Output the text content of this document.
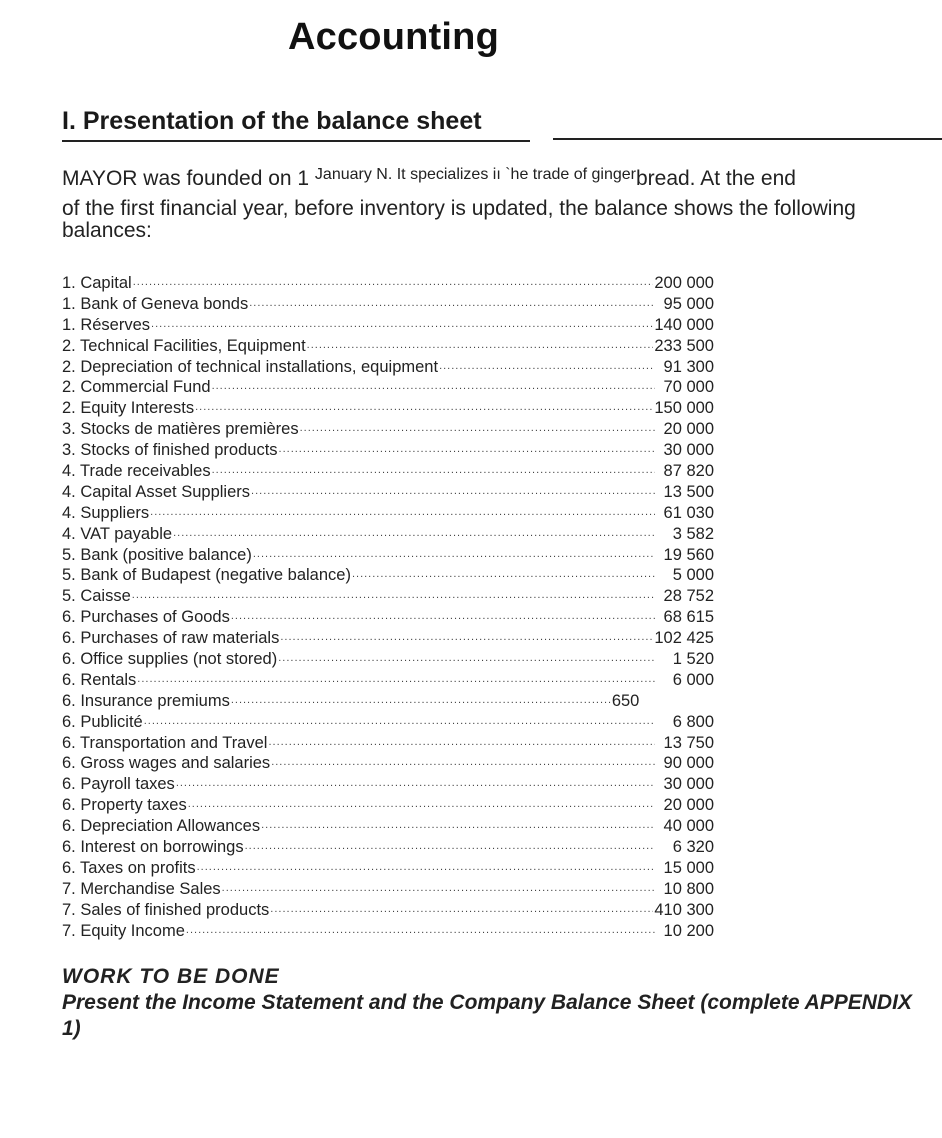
Accounting
I. Presentation of the balance sheet
MAYOR was founded on 1 $^{January N. It specializes iı `he trade of ginger}$bread. At the end
of the first financial year, before inventory is updated, the balance shows the following
balances:
1. Capital .....	200 000
1. Bank of Geneva bonds .....	95 000
1. Réserves .....	140 000
2. Technical Facilities, Equipment .....	233 500
2. Depreciation of technical installations, equipment .....	91 300
2. Commercial Fund .....	70 000
2. Equity Interests .....	150 000
3. Stocks de matières premières .....	20 000
3. Stocks of finished products .....	30 000
4. Trade receivables .....	87 820
4. Capital Asset Suppliers .....	13 500
4. Suppliers .....	61 030
4. VAT payable .....	3 582
5. Bank (positive balance) .....	19 560
5. Bank of Budapest (negative balance) .....	5 000
5. Caisse .....	28 752
6. Purchases of Goods .....	68 615
6. Purchases of raw materials .....	102 425
6. Office supplies (not stored) .....	1 520
6. Rentals .....	6 000
6. Insurance premiums .....	650
6. Publicité .....	6 800
6. Transportation and Travel .....	13 750
6. Gross wages and salaries .....	90 000
6. Payroll taxes .....	30 000
6. Property taxes .....	20 000
6. Depreciation Allowances .....	40 000
6. Interest on borrowings .....	6 320
6. Taxes on profits .....	15 000
7. Merchandise Sales .....	10 800
7. Sales of finished products .....	410 300
7. Equity Income .....	10 200
WORK TO BE DONE
Present the Income Statement and the Company Balance Sheet (complete APPENDIX 1)
